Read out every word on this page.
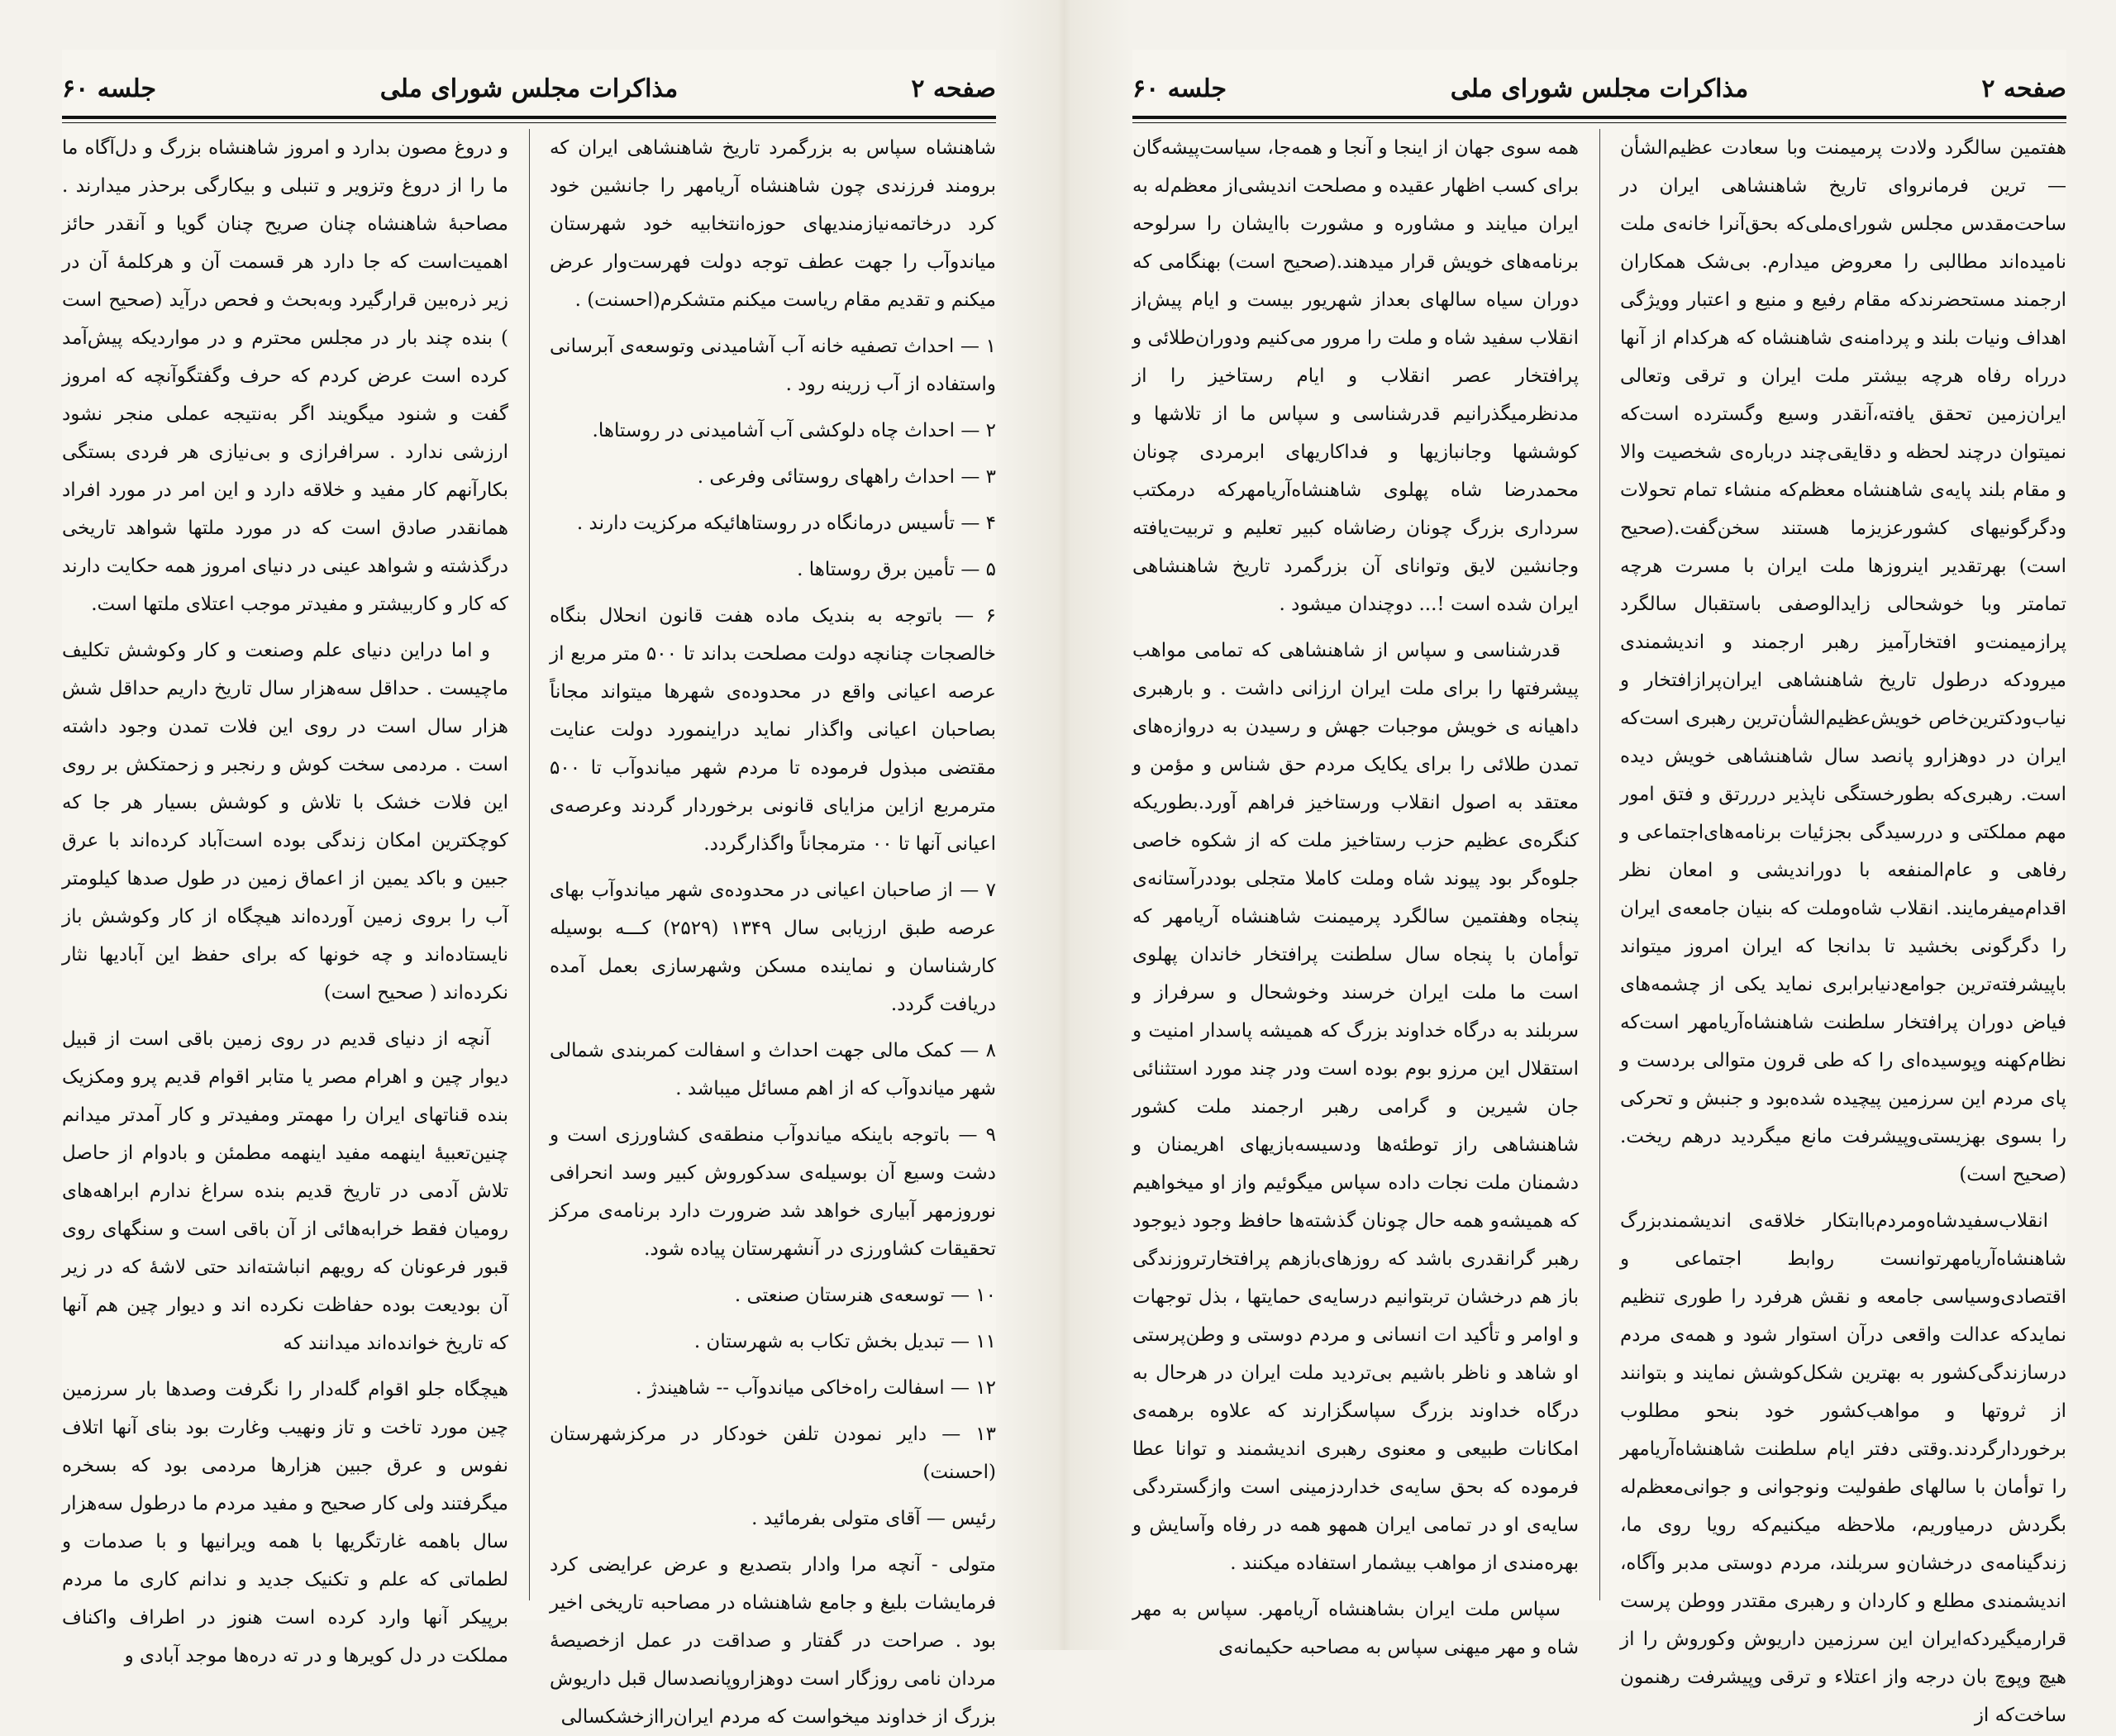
صفحه ۲
مذاکرات مجلس شورای ملی
جلسه ۶۰

شاهنشاه سپاس به بزرگمرد تاریخ شاهنشاهی ایران که برومند فرزندی چون شاهنشاه آریامهر را جانشین خود کرد درخاتمه‌نیازمندیهای حوزه‌انتخابیه خود شهرستان میاندوآب را جهت عطف توجه دولت فهرست‌وار عرض میکنم و تقدیم مقام ریاست میکنم متشکرم(احسنت) .

۱ — احداث تصفیه خانه آب آشامیدنی وتوسعه‌ی آبرسانی واستفاده از آب زرینه رود .

۲ — احداث چاه دلوکشی آب آشامیدنی در روستاها.

۳ — احداث راههای روستائی وفرعی .

۴ — تأسیس درمانگاه در روستاهائیکه مرکزیت دارند .

۵ — تأمین برق روستاها .

۶ — باتوجه به بندیک ماده هفت قانون انحلال بنگاه خالصجات چنانچه دولت مصلحت بداند تا ۵۰۰ متر مربع از عرصه اعیانی واقع در محدوده‌ی شهرها میتواند مجاناً بصاحبان اعیانی واگذار نماید دراینمورد دولت عنایت مقتضی مبذول فرموده تا مردم شهر میاندوآب تا ۵۰۰ مترمربع ازاین مزایای قانونی برخوردار گردند وعرصه‌ی اعیانی آنها تا ۰۰ مترمجاناً واگذارگردد.

۷ — از صاحبان اعیانی در محدوده‌ی شهر میاندوآب بهای عرصه طبق ارزیابی سال ۱۳۴۹ (۲۵۲۹) کـــه بوسیله کارشناسان و نماینده مسکن وشهرسازی بعمل آمده دریافت گردد.

۸ — کمک مالی جهت احداث و اسفالت کمربندی شمالی شهر میاندوآب که از اهم مسائل میباشد .

۹ — باتوجه باینکه میاندوآب منطقه‌ی کشاورزی است و دشت وسیع آن بوسیله‌ی سدکوروش کبیر وسد انحرافی نوروزمهر آبیاری خواهد شد ضرورت دارد برنامه‌ی مرکز تحقیقات کشاورزی در آنشهرستان پیاده شود.

۱۰ — توسعه‌ی هنرستان صنعتی .

۱۱ — تبدیل بخش تکاب به شهرستان .

۱۲ — اسفالت راه‌خاکی میاندوآب -- شاهیندژ .

۱۳ — دایر نمودن تلفن خودکار در مرکزشهرستان (احسنت)

رئیس — آقای متولی بفرمائید .

متولی - آنچه مرا وادار بتصدیع و عرض عرایضی کرد فرمایشات بلیغ و جامع شاهنشاه در مصاحبه تاریخی اخیر بود . صراحت در گفتار و صداقت در عمل ازخصیصهٔ مردان نامی روزگار است دوهزاروپانصدسال قبل داریوش بزرگ از خداوند میخواست که مردم ایران‌رااز‌خشکسالی

و دروغ مصون بدارد و امروز شاهنشاه بزرگ و دل‌آگاه ما ما را از دروغ وتزویر و تنبلی و بیکارگی برحذر میدارند . مصاحبهٔ شاهنشاه چنان صریح چنان گویا و آنقدر حائز اهمیت‌است که جا دارد هر قسمت آن و هر‌کلمهٔ آن در زیر ذره‌بین قرارگیرد وبه‌بحث و فحص درآید (صحیح است ) بنده چند بار در مجلس محترم و در مواردیکه پیش‌آمد کرده است عرض کردم که حرف وگفتگوآنچه که امروز گفت و شنود میگویند اگر به‌نتیجه عملی منجر نشود ارزشی ندارد . سرافرازی و بی‌نیازی هر فردی بستگی بکارآنهم کار مفید و خلاقه دارد و این امر در مورد افراد همانقدر صادق است که در مورد ملتها شواهد تاریخی درگذشته و شواهد عینی در دنیای امروز همه حکایت دارند که کار و کاربیشتر و مفیدتر موجب اعتلای ملتها است.

و اما دراین دنیای علم وصنعت و کار وکوشش تکلیف ماچیست . حداقل سه‌هزار سال تاریخ داریم حداقل شش هزار سال است در روی این فلات تمدن وجود داشته است . مردمی سخت کوش و رنجبر و زحمتکش بر روی این فلات خشک با تلاش و کوشش بسیار هر جا که کوچکترین امکان زندگی بوده است‌آباد کرده‌اند با عرق جبین و باکد یمین از اعماق زمین در طول صدها کیلومتر آب را بروی زمین آورده‌اند هیچگاه از کار وکوشش باز نایستاده‌اند و چه خونها که برای حفظ این آبادیها نثار نکرده‌اند ( صحیح است)

آنچه از دنیای قدیم در روی زمین باقی است از قبیل دیوار چین و اهرام مصر یا متابر اقوام قدیم پرو ومکزیک بنده قناتهای ایران را مهمتر ومفیدتر و کار آمدتر میدانم چنین‌تعبیهٔ اینهمه مفید اینهمه مطمئن و بادوام از حاصل تلاش آدمی در تاریخ قدیم بنده سراغ ندارم ابراهه‌های رومیان فقط خرابه‌هائی از آن باقی است و سنگهای روی قبور فرعونان که رویهم انباشته‌اند حتی لاشهٔ که در زیر آن بودیعت بوده حفاظت نکرده اند و دیوار چین هم آنها که تاریخ خوانده‌اند میدانند که

هیچگاه جلو اقوام گله‌دار را نگرفت وصدها بار سرزمین چین مورد تاخت و تاز ونهیب وغارت بود بنای آنها اتلاف نفوس و عرق جبین هزارها مردمی بود که بسخره میگرفتند ولی کار صحیح و مفید مردم ما درطول سه‌هزار سال باهمه غارتگریها با همه ویرانیها و با صدمات و لطماتی که علم و تکنیک جدید و ندانم کاری ما مردم برپیکر آنها وارد کرده است هنوز در اطراف واکناف مملکت در دل کویرها و در ته دره‌ها موجد آبادی و

صفحه ۲
مذاکرات مجلس شورای ملی
جلسه ۶۰

هفتمین سالگرد ولادت پرمیمنت وبا سعادت عظیم‌الشأن — ترین فرمانروای تاریخ شاهنشاهی ایران در ساحت‌مقدس مجلس شورای‌ملی‌که بحق‌آنرا خانه‌ی ملت نامیده‌اند مطالبی را معروض میدارم. بی‌شک همکاران ارجمند مستحضرند‌که مقام رفیع و منیع و اعتبار وویژگی اهداف ونیات بلند و پردامنه‌ی شاهنشاه که هرکدام از آنها درراه رفاه هرچه بیشتر ملت ایران و ترقی وتعالی ایران‌زمین تحقق یافته،آنقدر وسیع وگسترده است‌که نمیتوان درچند لحظه و دقایقی‌چند درباره‌ی شخصیت والا و مقام بلند پایه‌ی شاهنشاه معظم‌که منشاء تمام تحولات ودگرگونیهای کشورعزیزما هستند سخن‌گفت.(صحیح است) بهرتقدیر اینروزها ملت ایران با مسرت هرچه تمامتر وبا خوشحالی زایدالوصفی باستقبال سالگرد پرازمیمنت‌و افتخارآمیز رهبر ارجمند و اندیشمندی میرود‌که درطول تاریخ شاهنشاهی ایران‌پراز‌افتخار و نیاب‌ود‌کترین‌خاص خویش‌عظیم‌الشأن‌ترین رهبری است‌که ایران در دوهزارو پانصد سال شاهنشاهی خویش دیده است. رهبری‌که بطورخستگی ناپذیر درررتق و فتق امور مهم مملکتی و دررسیدگی بجزئیات برنامه‌های‌اجتماعی و رفاهی و عام‌المنفعه با دوراندیشی و امعان نظر اقدام‌میفرمایند. انقلاب شاه‌وملت که بنیان جامعه‌ی ایران را دگرگونی بخشید تا بدانجا که ایران امروز میتواند باپیشرفته‌ترین جوامع‌دنیابرابری نماید یکی از چشمه‌های فیاض دوران پرافتخار سلطنت شاهنشاه‌آریامهر است‌که نظام‌کهنه وپوسیده‌ای را که طی قرون متوالی بردست و پای مردم این سرزمین پیچیده شده‌بود و جنبش و تحرکی را بسوی بهزیستی‌وپیشرفت مانع میگردید درهم ریخت.(صحیح است)

انقلاب‌سفیدشاه‌ومردم‌باابتکار خلاقه‌ی اندیشمندبزرگ شاهنشاه‌آریامهر‌توانست روابط اجتماعی و اقتصادی‌وسیاسی جامعه و نقش هرفرد را طوری تنظیم نماید‌که عدالت واقعی درآن استوار شود و همه‌ی مردم درسازندگی‌کشور به بهترین شکل‌کوشش نمایند و بتوانند از ثروتها و مواهب‌کشور خود بنحو مطلوب برخوردارگردند.وقتی دفتر ایام سلطنت شاهنشاه‌آریامهر را توأمان با سالهای طفولیت ونوجوانی و جوانی‌معظم‌له بگردش درمیاوریم، ملاحظه میکنیم‌که رویا روی ما، زندگینامه‌ی درخشان‌و سربلند، مردم دوستی مدبر وآگاه، اندیشمندی مطلع و کاردان و رهبری مقتدر ووطن پرست قرارمیگیرد‌که‌ایران این سرزمین داریوش وکوروش را از هیچ وپوچ بان درجه واز اعتلاء و ترقی وپیشرفت رهنمون ساخت‌که از

همه سوی جهان از اینجا و آنجا و همه‌جا، سیاست‌پیشه‌گان برای کسب اظهار عقیده و مصلحت اندیشی‌از معظم‌له به ایران میایند و مشاوره و مشورت باایشان را سرلوحه برنامه‌های خویش قرار میدهند.(صحیح است) بهنگامی که دوران سیاه سالهای بعداز شهریور بیست و ایام پیش‌از انقلاب سفید شاه و ملت را مرور می‌کنیم ودوران‌طلائی و پرافتخار عصر انقلاب و ایام رستاخیز را از مدنظرمیگذرانیم قدرشناسی و سپاس ما از تلاشها و کوششها وجانبازیها و فداکاریهای ابرمردی چونان محمدرضا شاه پهلوی شاهنشاه‌آریامهر‌که درمکتب سرداری بزرگ چونان رضاشاه کبیر تعلیم و تربیت‌یافته وجانشین لایق وتوانای آن بزرگمرد تاریخ شاهنشاهی ایران شده است !... دوچندان میشود .

قدرشناسی و سپاس از شاهنشاهی که تمامی مواهب پیشرفتها را برای ملت ایران ارزانی داشت . و بارهبری داهیانه ی خویش موجبات جهش و رسیدن به دروازه‌های تمدن طلائی را برای یکایک مردم حق شناس و مؤمن و معتقد به اصول انقلاب ورستاخیز فراهم آورد.بطوریکه کنگره‌ی عظیم حزب رستاخیز ملت که از شکوه خاصی جلوه‌گر بود پیوند شاه وملت کاملا متجلی بوددرآستانه‌ی پنجاه وهفتمین سالگرد پرمیمنت شاهنشاه آریامهر که توأمان با پنجاه سال سلطنت پرافتخار خاندان پهلوی است ما ملت ایران خرسند وخوشحال و سرفراز و سربلند به درگاه خداوند بزرگ که همیشه پاسدار امنیت و استقلال این مرزو بوم بوده است ودر چند مورد استثنائی جان شیرین و گرامی رهبر ارجمند ملت کشور شاهنشاهی راز توطئه‌ها ودسیسه‌بازیهای اهریمنان و دشمنان ملت نجات داده سپاس میگوئیم واز او میخواهیم که همیشه‌و همه حال چونان گذشته‌ها حافظ وجود ذیوجود رهبر گرانقدری باشد که روزهای‌بازهم پرافتخارتروزندگی باز هم درخشان تربتوانیم درسایه‌ی حمایتها ، بذل توجهات و اوامر و تأکید ات انسانی و مردم دوستی و وطن‌پرستی او شاهد و ناظر باشیم بی‌تردید ملت ایران در هرحال به درگاه خداوند بزرگ سپاسگزارند که علاوه برهمه‌ی امکانات طبیعی و معنوی رهبری اندیشمند و توانا عطا فرموده که بحق سایه‌ی خداردزمینی است واز‌گستردگی سایه‌ی او در تمامی ایران همهو همه در رفاه وآسایش و بهره‌مندی از مواهب بیشمار استفاده میکنند .

سپاس ملت ایران بشاهنشاه آریامهر. سپاس به مهر شاه و مهر میهنی سپاس به مصاحبه حکیمانه‌ی
